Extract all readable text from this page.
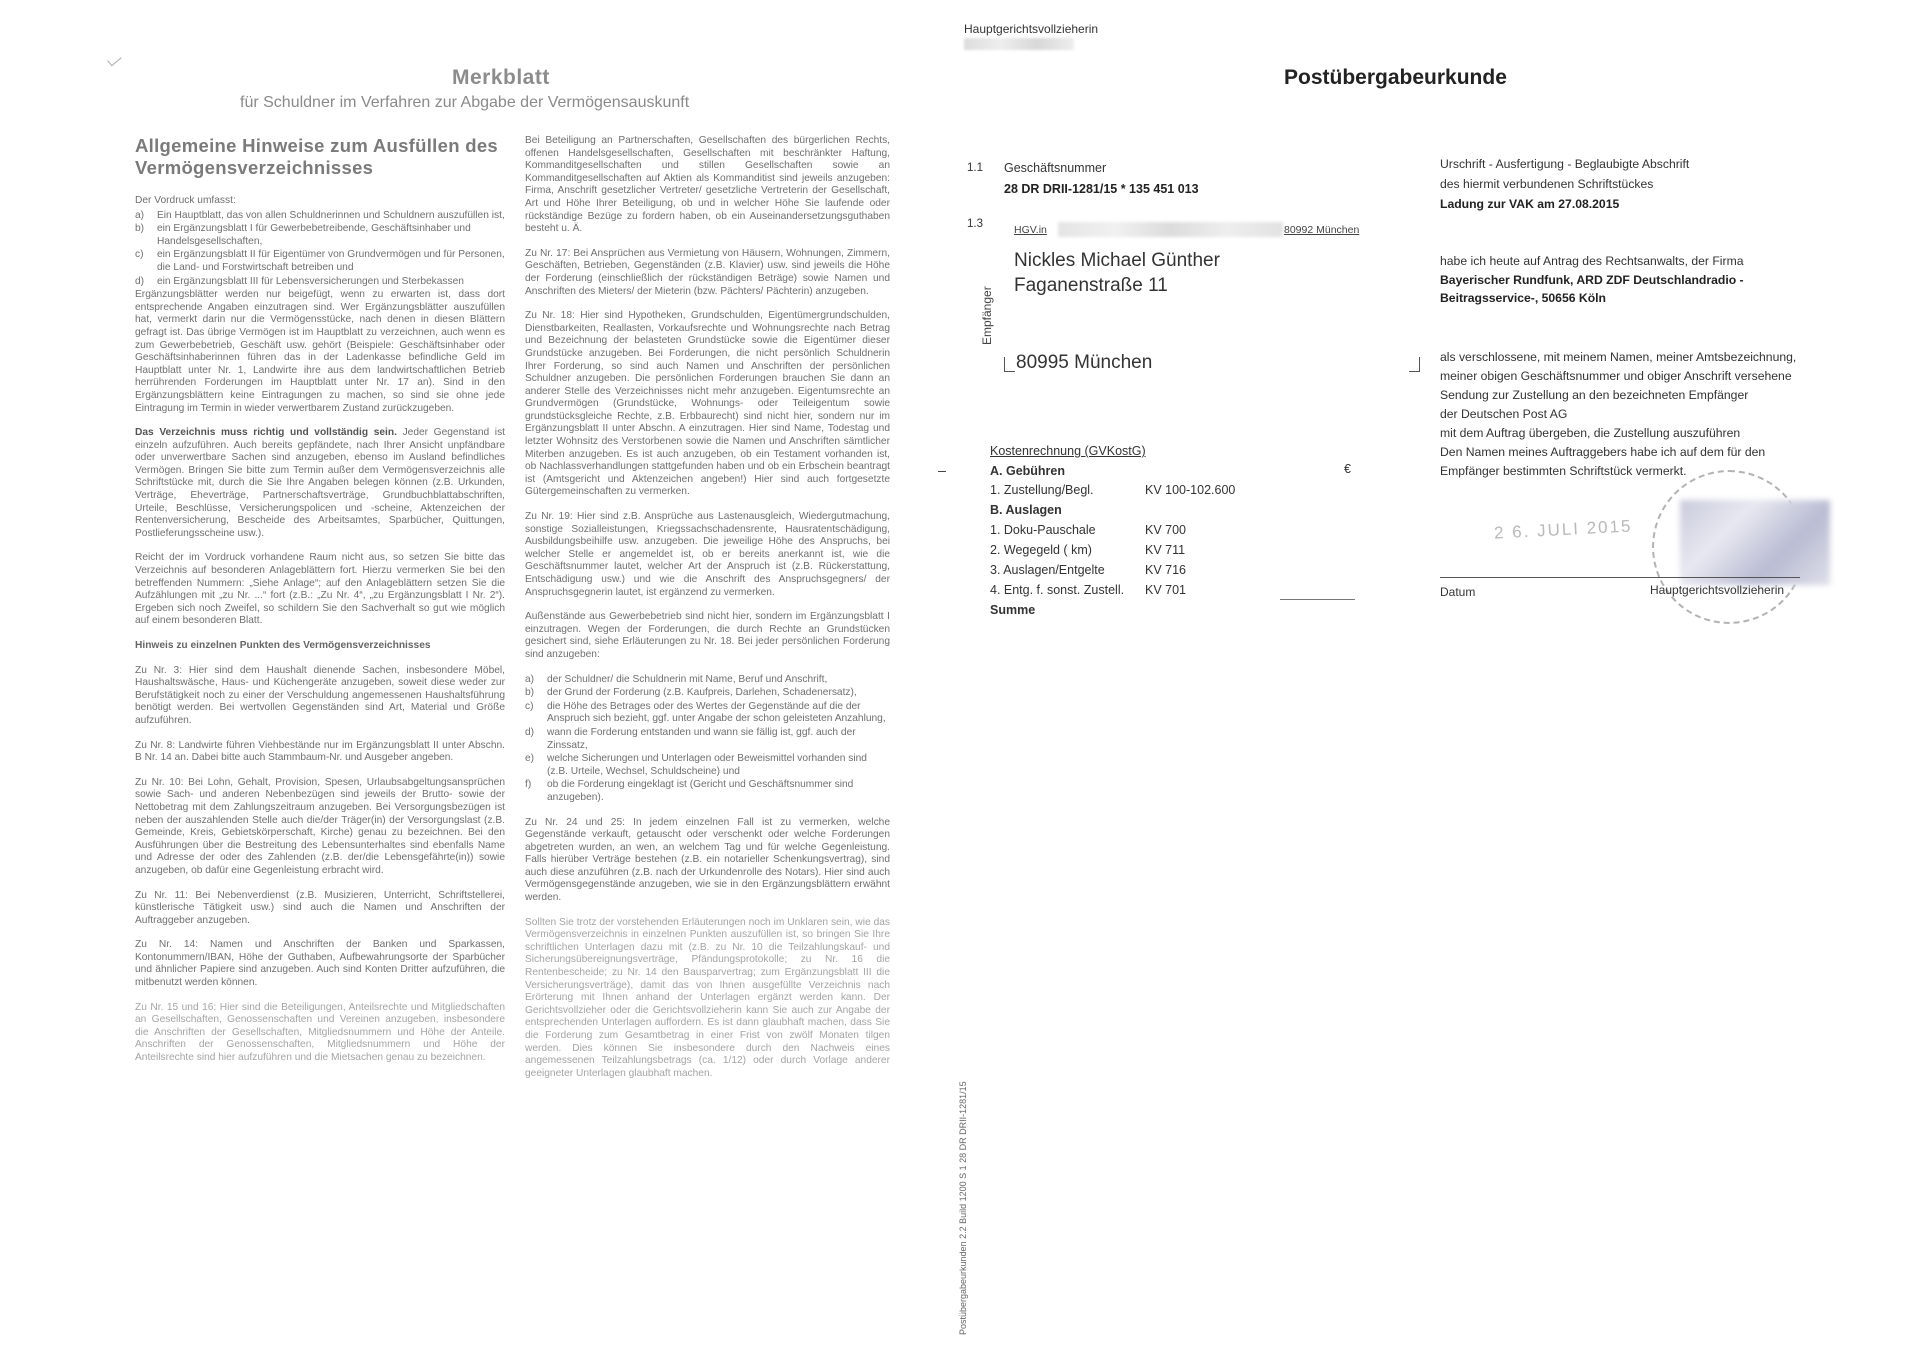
Merkblatt
für Schuldner im Verfahren zur Abgabe der Vermögensauskunft
Allgemeine Hinweise zum Ausfüllen des Vermögensverzeichnisses
Der Vordruck umfasst:
a) Ein Hauptblatt, das von allen Schuldnerinnen und Schuldnern auszufüllen ist,
b) ein Ergänzungsblatt I für Gewerbebetreibende, Geschäftsinhaber und Handelsgesellschaften,
c) ein Ergänzungsblatt II für Eigentümer von Grundvermögen und für Personen, die Land- und Forstwirtschaft betreiben und
d) ein Ergänzungsblatt III für Lebensversicherungen und Sterbekassen

Ergänzungsblätter werden nur beigefügt, wenn zu erwarten ist, dass dort entsprechende Angaben einzutragen sind. Wer Ergänzungsblätter auszufüllen hat, vermerkt darin nur die Vermögensstücke, nach denen in diesen Blättern gefragt ist. Das übrige Vermögen ist im Hauptblatt zu verzeichnen, auch wenn es zum Gewerbebetrieb, Geschäft usw. gehört (Beispiele: Geschäftsinhaber oder Geschäftsinhaberinnen führen das in der Ladenkasse befindliche Geld im Hauptblatt unter Nr. 1, Landwirte ihre aus dem landwirtschaftlichen Betrieb herrührenden Forderungen im Hauptblatt unter Nr. 17 an). Sind in den Ergänzungsblättern keine Eintragungen zu machen, so sind sie ohne jede Eintragung im Termin in wieder verwertbarem Zustand zurückzugeben.

Das Verzeichnis muss richtig und vollständig sein. Jeder Gegenstand ist einzeln aufzuführen. Auch bereits gepfändete, nach Ihrer Ansicht unpfändbare oder unverwertbare Sachen sind anzugeben, ebenso im Ausland befindliches Vermögen. Bringen Sie bitte zum Termin außer dem Vermögensverzeichnis alle Schriftstücke mit, durch die Sie Ihre Angaben belegen können (z.B. Urkunden, Verträge, Eheverträge, Partnerschaftsverträge, Grundbuchblattabschriften, Urteile, Beschlüsse, Versicherungspolicen und -scheine, Aktenzeichen der Rentenversicherung, Bescheide des Arbeitsamtes, Sparbücher, Quittungen, Postlieferungsscheine usw.).

Reicht der im Vordruck vorhandene Raum nicht aus, so setzen Sie bitte das Verzeichnis auf besonderen Anlageblättern fort. Hierzu vermerken Sie bei den betreffenden Nummern: „Siehe Anlage“; auf den Anlageblättern setzen Sie die Aufzählungen mit „zu Nr. ...“ fort (z.B.: „Zu Nr. 4“, „zu Ergänzungsblatt I Nr. 2“). Ergeben sich noch Zweifel, so schildern Sie den Sachverhalt so gut wie möglich auf einem besonderen Blatt.

Hinweis zu einzelnen Punkten des Vermögensverzeichnisses

Zu Nr. 3: Hier sind dem Haushalt dienende Sachen, insbesondere Möbel, Haushaltswäsche, Haus- und Küchengeräte anzugeben, soweit diese weder zur Berufstätigkeit noch zu einer der Verschuldung angemessenen Haushaltsführung benötigt werden. Bei wertvollen Gegenständen sind Art, Material und Größe aufzuführen.

Zu Nr. 8: Landwirte führen Viehbestände nur im Ergänzungsblatt II unter Abschn. B Nr. 14 an. Dabei bitte auch Stammbaum-Nr. und Ausgeber angeben.

Zu Nr. 10: Bei Lohn, Gehalt, Provision, Spesen, Urlaubsabgeltungsansprüchen sowie Sach- und anderen Nebenbezügen sind jeweils der Brutto- sowie der Nettobetrag mit dem Zahlungszeitraum anzugeben. Bei Versorgungsbezügen ist neben der auszahlenden Stelle auch die/der Träger(in) der Versorgungslast (z.B. Gemeinde, Kreis, Gebietskörperschaft, Kirche) genau zu bezeichnen. Bei den Ausführungen über die Bestreitung des Lebensunterhaltes sind ebenfalls Name und Adresse der oder des Zahlenden (z.B. der/die Lebensgefährte(in)) sowie anzugeben, ob dafür eine Gegenleistung erbracht wird.

Zu Nr. 11: Bei Nebenverdienst (z.B. Musizieren, Unterricht, Schriftstellerei, künstlerische Tätigkeit usw.) sind auch die Namen und Anschriften der Auftraggeber anzugeben.

Zu Nr. 14: Namen und Anschriften der Banken und Sparkassen, Kontonummern/IBAN, Höhe der Guthaben, Aufbewahrungsorte der Sparbücher und ähnlicher Papiere sind anzugeben. Auch sind Konten Dritter aufzuführen, die mitbenutzt werden können.

Zu Nr. 15 und 16: Hier sind die Beteiligungen, Anteilsrechte und Mitgliedschaften an Gesellschaften, Genossenschaften und Vereinen anzugeben, insbesondere die Anschriften der Gesellschaften, Mitgliedsnummern und Höhe der Anteile. Anschriften der Genossenschaften, Mitgliedsnummern und Höhe der Anteilsrechte sind hier aufzuführen und die Mietsachen genau zu bezeichnen.

Bei Beteiligung an Partnerschaften, Gesellschaften des bürgerlichen Rechts, offenen Handelsgesellschaften, Gesellschaften mit beschränkter Haftung, Kommanditgesellschaften und stillen Gesellschaften sowie an Kommanditgesellschaften auf Aktien als Kommanditist sind jeweils anzugeben: Firma, Anschrift gesetzlicher Vertreter/ gesetzliche Vertreterin der Gesellschaft, Art und Höhe Ihrer Beteiligung, ob und in welcher Höhe Sie laufende oder rückständige Bezüge zu fordern haben, ob ein Auseinandersetzungsguthaben besteht u. Ä.

Zu Nr. 17: Bei Ansprüchen aus Vermietung von Häusern, Wohnungen, Zimmern, Geschäften, Betrieben, Gegenständen (z.B. Klavier) usw. sind jeweils die Höhe der Forderung (einschließlich der rückständigen Beträge) sowie Namen und Anschriften des Mieters/ der Mieterin (bzw. Pächters/ Pächterin) anzugeben.

Zu Nr. 18: Hier sind Hypotheken, Grundschulden, Eigentümergrundschulden, Dienstbarkeiten, Reallasten, Vorkaufsrechte und Wohnungsrechte nach Betrag und Bezeichnung der belasteten Grundstücke sowie die Eigentümer dieser Grundstücke anzugeben. Bei Forderungen, die nicht persönlich Schuldnerin Ihrer Forderung, so sind auch Namen und Anschriften der persönlichen Schuldner anzugeben. Die persönlichen Forderungen brauchen Sie dann an anderer Stelle des Verzeichnisses nicht mehr anzugeben. Eigentumsrechte an Grundvermögen (Grundstücke, Wohnungs- oder Teileigentum sowie grundstücksgleiche Rechte, z.B. Erbbaurecht) sind nicht hier, sondern nur im Ergänzungsblatt II unter Abschn. A einzutragen. Hier sind Name, Todestag und letzter Wohnsitz des Verstorbenen sowie die Namen und Anschriften sämtlicher Miterben anzugeben. Es ist auch anzugeben, ob ein Testament vorhanden ist, ob Nachlassverhandlungen stattgefunden haben und ob ein Erbschein beantragt ist (Amtsgericht und Aktenzeichen angeben!) Hier sind auch fortgesetzte Gütergemeinschaften zu vermerken.

Zu Nr. 19: Hier sind z.B. Ansprüche aus Lastenausgleich, Wiedergutmachung, sonstige Sozialleistungen, Kriegssachschadensrente, Hausratentschädigung, Ausbildungsbeihilfe usw. anzugeben. Die jeweilige Höhe des Anspruchs, bei welcher Stelle er angemeldet ist, ob er bereits anerkannt ist, wie die Geschäftsnummer lautet, welcher Art der Anspruch ist (z.B. Rückerstattung, Entschädigung usw.) und wie die Anschrift des Anspruchsgegners/ der Anspruchsgegnerin lautet, ist ergänzend zu vermerken.

Außenstände aus Gewerbebetrieb sind nicht hier, sondern im Ergänzungsblatt I einzutragen. Wegen der Forderungen, die durch Rechte an Grundstücken gesichert sind, siehe Erläuterungen zu Nr. 18. Bei jeder persönlichen Forderung sind anzugeben:

a) der Schuldner/ die Schuldnerin mit Name, Beruf und Anschrift,
b) der Grund der Forderung (z.B. Kaufpreis, Darlehen, Schadenersatz),
c) die Höhe des Betrages oder des Wertes der Gegenstände auf die der Anspruch sich bezieht, ggf. unter Angabe der schon geleisteten Anzahlung,
d) wann die Forderung entstanden und wann sie fällig ist, ggf. auch der Zinssatz,
e) welche Sicherungen und Unterlagen oder Beweismittel vorhanden sind (z.B. Urteile, Wechsel, Schuldscheine) und
f) ob die Forderung eingeklagt ist (Gericht und Geschäftsnummer sind anzugeben).

Zu Nr. 24 und 25: In jedem einzelnen Fall ist zu vermerken, welche Gegenstände verkauft, getauscht oder verschenkt oder welche Forderungen abgetreten wurden, an wen, an welchem Tag und für welche Gegenleistung. Falls hierüber Verträge bestehen (z.B. ein notarieller Schenkungsvertrag), sind auch diese anzuführen (z.B. nach der Urkundenrolle des Notars). Hier sind auch Vermögensgegenstände anzugeben, wie sie in den Ergänzungsblättern erwähnt werden.

Sollten Sie trotz der vorstehenden Erläuterungen noch im Unklaren sein, wie das Vermögensverzeichnis in einzelnen Punkten auszufüllen ist, so bringen Sie Ihre schriftlichen Unterlagen dazu mit (z.B. zu Nr. 10 die Teilzahlungskauf- und Sicherungsübereignungsverträge, Pfändungsprotokolle; zu Nr. 16 die Rentenbescheide; zu Nr. 14 den Bausparvertrag; zum Ergänzungsblatt III die Versicherungsverträge), damit das von Ihnen ausgefüllte Verzeichnis nach Erörterung mit Ihnen anhand der Unterlagen ergänzt werden kann. Der Gerichtsvollzieher oder die Gerichtsvollzieherin kann Sie auch zur Angabe der entsprechenden Unterlagen auffordern. Es ist dann glaubhaft machen, dass Sie die Forderung zum Gesamtbetrag in einer Frist von zwölf Monaten tilgen werden. Dies können Sie insbesondere durch den Nachweis eines angemessenen Teilzahlungsbetrags (ca. 1/12) oder durch Vorlage anderer geeigneter Unterlagen glaubhaft machen.

Hauptgerichtsvollzieherin
Postübergabeurkunde
1.1 Geschäftsnummer
28 DR DRII-1281/15 * 135 451 013
1.3	HGV.in	80992 München
Empfänger
Nickles Michael Günther
Faganenstraße 11
80995 München
Urschrift - Ausfertigung - Beglaubigte Abschrift
des hiermit verbundenen Schriftstückes
Ladung zur VAK am 27.08.2015
habe ich heute auf Antrag des Rechtsanwalts, der Firma
Bayerischer Rundfunk, ARD ZDF Deutschlandradio -
Beitragsservice-, 50656 Köln
als verschlossene, mit meinem Namen, meiner Amtsbezeichnung,
meiner obigen Geschäftsnummer und obiger Anschrift versehene
Sendung zur Zustellung an den bezeichneten Empfänger
der Deutschen Post AG
mit dem Auftrag übergeben, die Zustellung auszuführen
Den Namen meines Auftraggebers habe ich auf dem für den
Empfänger bestimmten Schriftstück vermerkt.
Kostenrechnung (GVKostG)
€
A. Gebühren
1. Zustellung/Begl.	KV 100-102.600
B. Auslagen
1. Doku-Pauschale	KV 700
2. Wegegeld ( km)	KV 711
3. Auslagen/Entgelte	KV 716
4. Entg. f. sonst. Zustell. KV 701
Summe
2 6. JULI 2015
Datum	Hauptgerichtsvollzieherin
Postübergabeurkunden 2.2 Build 1200 S 1 28 DR DRII-1281/15
